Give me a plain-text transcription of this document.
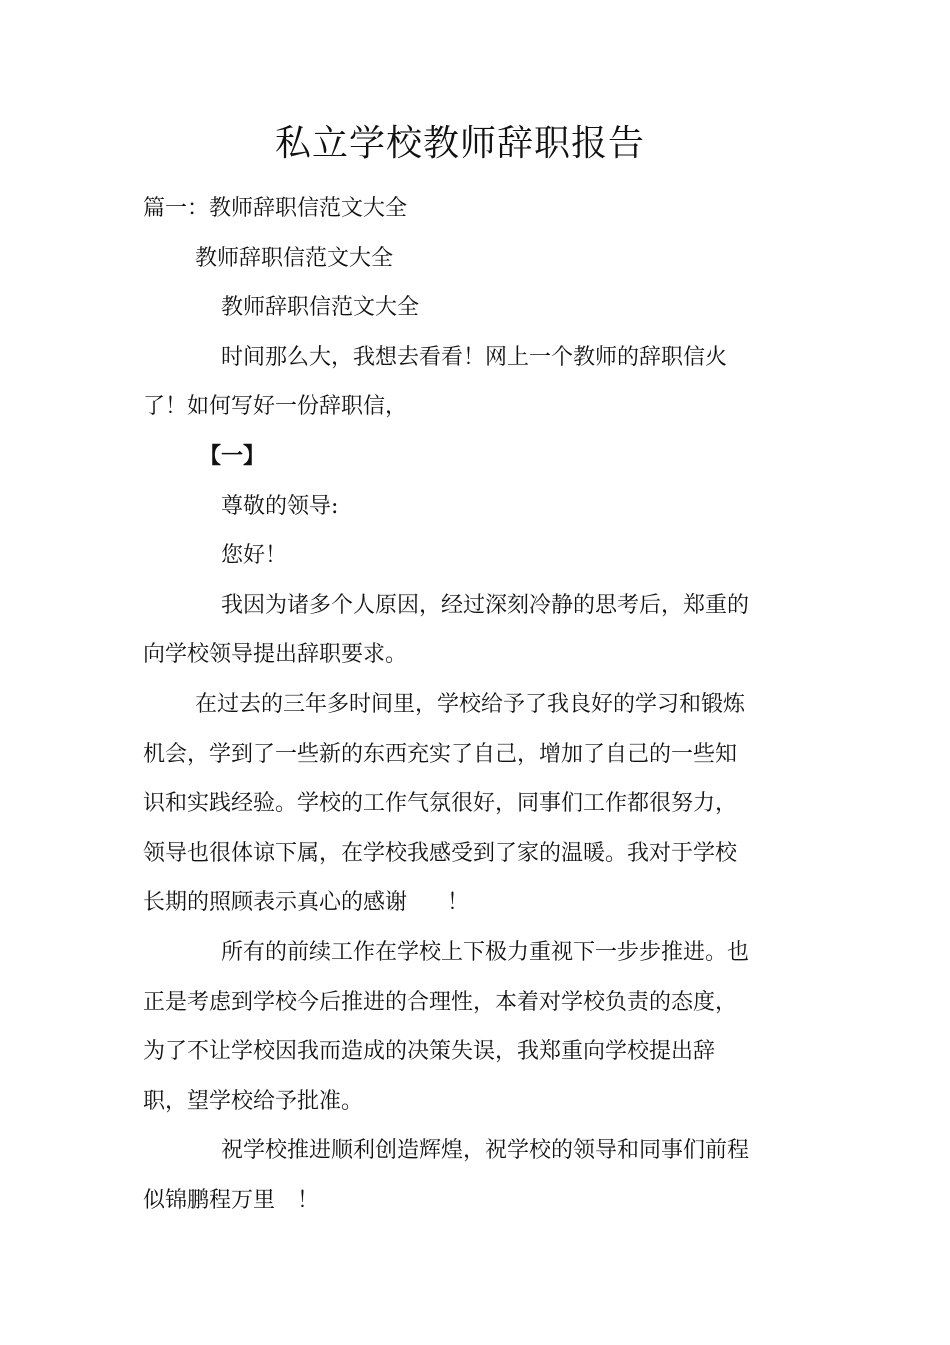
私立学校教师辞职报告

篇一：教师辞职信范文大全

教师辞职信范文大全

教师辞职信范文大全

时间那么大，我想去看看！网上一个教师的辞职信火了！如何写好一份辞职信，

【一】

尊敬的领导:

您好！

我因为诸多个人原因，经过深刻冷静的思考后，郑重的向学校领导提出辞职要求。

在过去的三年多时间里，学校给予了我良好的学习和锻炼机会，学到了一些新的东西充实了自己，增加了自己的一些知识和实践经验。学校的工作气氛很好，同事们工作都很努力，领导也很体谅下属，在学校我感受到了家的温暖。我对于学校长期的照顾表示真心的感谢 ！

所有的前续工作在学校上下极力重视下一步步推进。也正是考虑到学校今后推进的合理性，本着对学校负责的态度，为了不让学校因我而造成的决策失误，我郑重向学校提出辞职，望学校给予批准。

祝学校推进顺利创造辉煌，祝学校的领导和同事们前程似锦鹏程万里 ！
